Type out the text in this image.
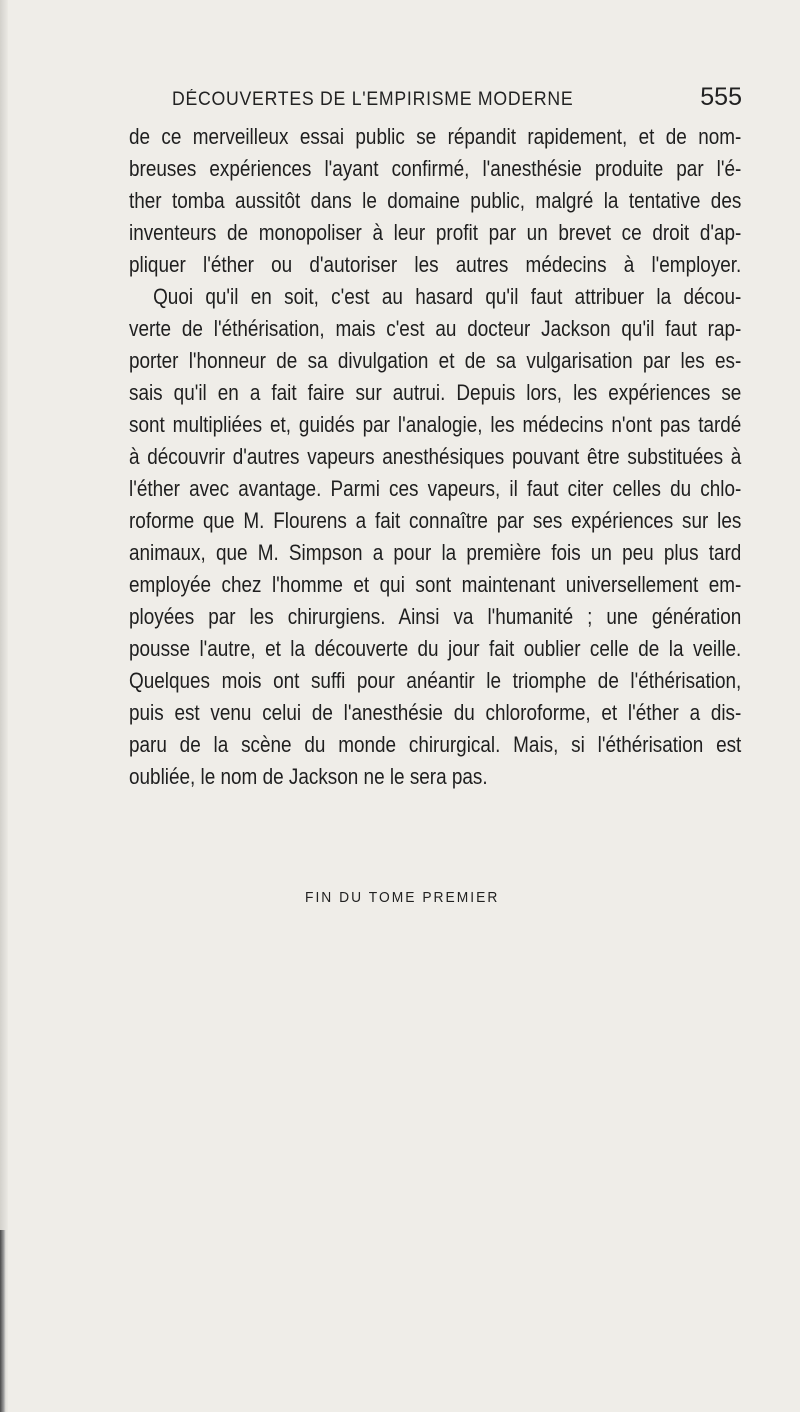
DÉCOUVERTES DE L'EMPIRISME MODERNE	555
de ce merveilleux essai public se répandit rapidement, et de nom-
breuses expériences l'ayant confirmé, l'anesthésie produite par l'é-
ther tomba aussitôt dans le domaine public, malgré la tentative des
inventeurs de monopoliser à leur profit par un brevet ce droit d'ap-
pliquer l'éther ou d'autoriser les autres médecins à l'employer.
Quoi qu'il en soit, c'est au hasard qu'il faut attribuer la décou-
verte de l'éthérisation, mais c'est au docteur Jackson qu'il faut rap-
porter l'honneur de sa divulgation et de sa vulgarisation par les es-
sais qu'il en a fait faire sur autrui. Depuis lors, les expériences se
sont multipliées et, guidés par l'analogie, les médecins n'ont pas tardé
à découvrir d'autres vapeurs anesthésiques pouvant être substituées à
l'éther avec avantage. Parmi ces vapeurs, il faut citer celles du chlo-
roforme que M. Flourens a fait connaître par ses expériences sur les
animaux, que M. Simpson a pour la première fois un peu plus tard
employée chez l'homme et qui sont maintenant universellement em-
ployées par les chirurgiens. Ainsi va l'humanité ; une génération
pousse l'autre, et la découverte du jour fait oublier celle de la veille.
Quelques mois ont suffi pour anéantir le triomphe de l'éthérisation,
puis est venu celui de l'anesthésie du chloroforme, et l'éther a dis-
paru de la scène du monde chirurgical. Mais, si l'éthérisation est
oubliée, le nom de Jackson ne le sera pas.
FIN DU TOME PREMIER
